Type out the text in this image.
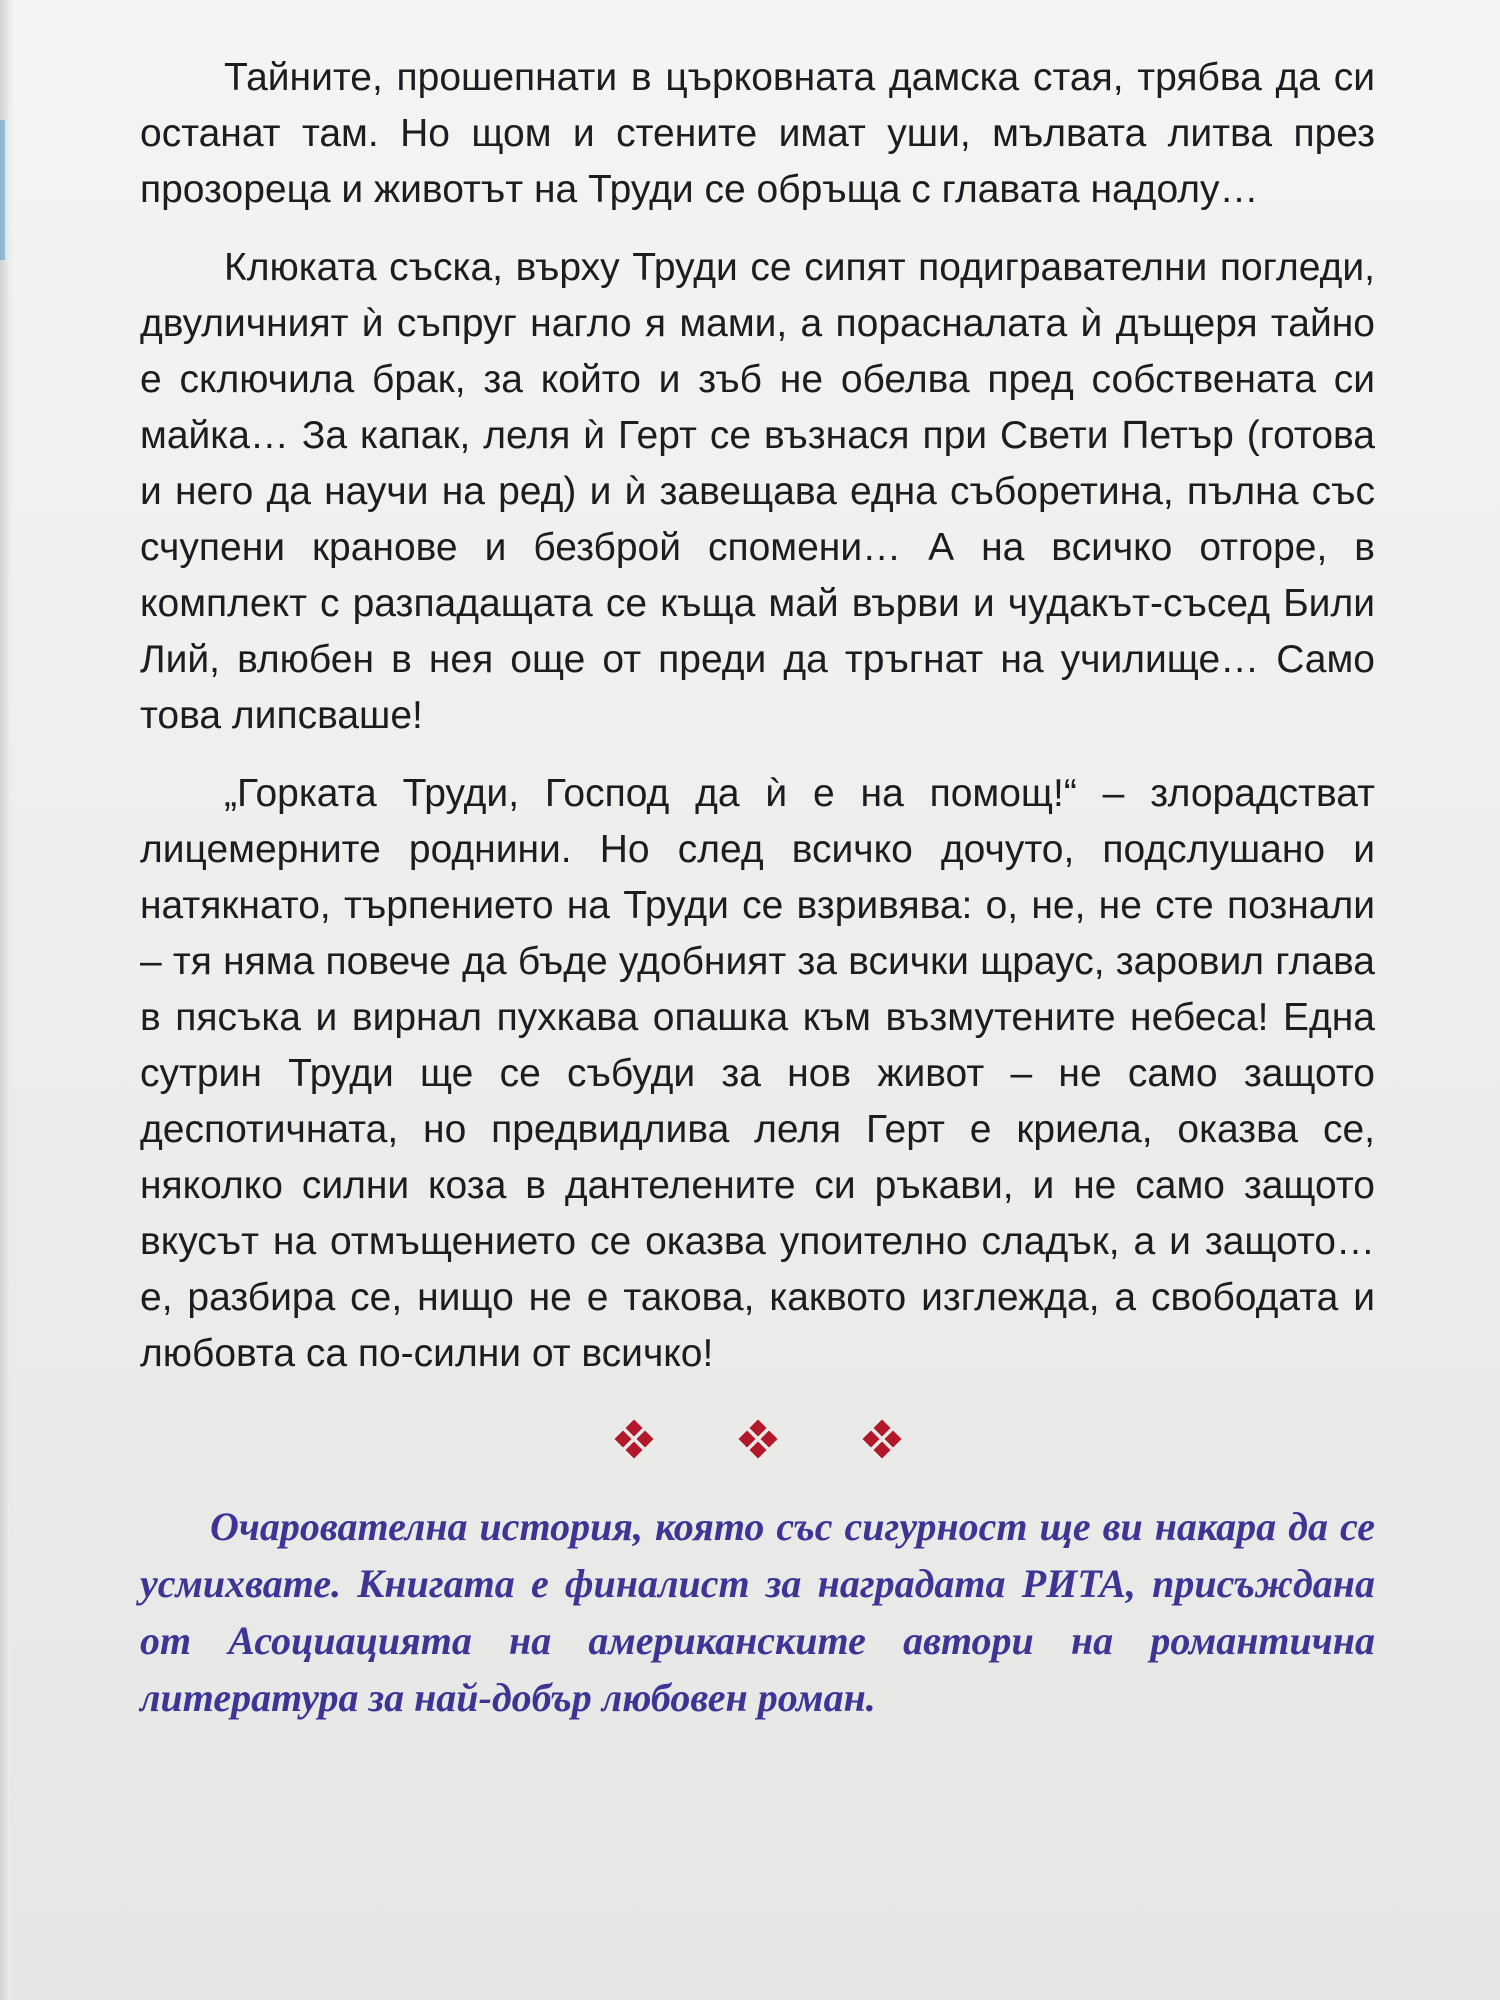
Тайните, прошепнати в църковната дамска стая, трябва да си останат там. Но щом и стените имат уши, мълвата литва през прозореца и животът на Труди се обръща с главата надолу…

Клюката съска, върху Труди се сипят подигравателни погледи, двуличният ѝ съпруг нагло я мами, а порасналата ѝ дъщеря тайно е сключила брак, за който и зъб не обелва пред собствената си майка… За капак, леля ѝ Герт се възнася при Свети Петър (готова и него да научи на ред) и ѝ завещава една съборетина, пълна със счупени кранове и безброй спомени… А на всичко отгоре, в комплект с разпадащата се къща май върви и чудакът-съсед Били Лий, влюбен в нея още от преди да тръгнат на училище… Само това липсваше!

„Горката Труди, Господ да ѝ е на помощ!“ – злорадстват лицемерните роднини. Но след всичко дочуто, подслушано и натякнато, търпението на Труди се взривява: о, не, не сте познали – тя няма повече да бъде удобният за всички щраус, заровил глава в пясъка и вирнал пухкава опашка към възмутените небеса! Една сутрин Труди ще се събуди за нов живот – не само защото деспотичната, но предвидлива леля Герт е криела, оказва се, няколко силни коза в дантелените си ръкави, и не само защото вкусът на отмъщението се оказва упоително сладък, а и защото… е, разбира се, нищо не е такова, каквото изглежда, а свободата и любовта са по-силни от всичко!

Очарователна история, която със сигурност ще ви накара да се усмихвате. Книгата е финалист за наградата РИТА, присъждана от Асоциацията на американските автори на романтична литература за най-добър любовен роман.
